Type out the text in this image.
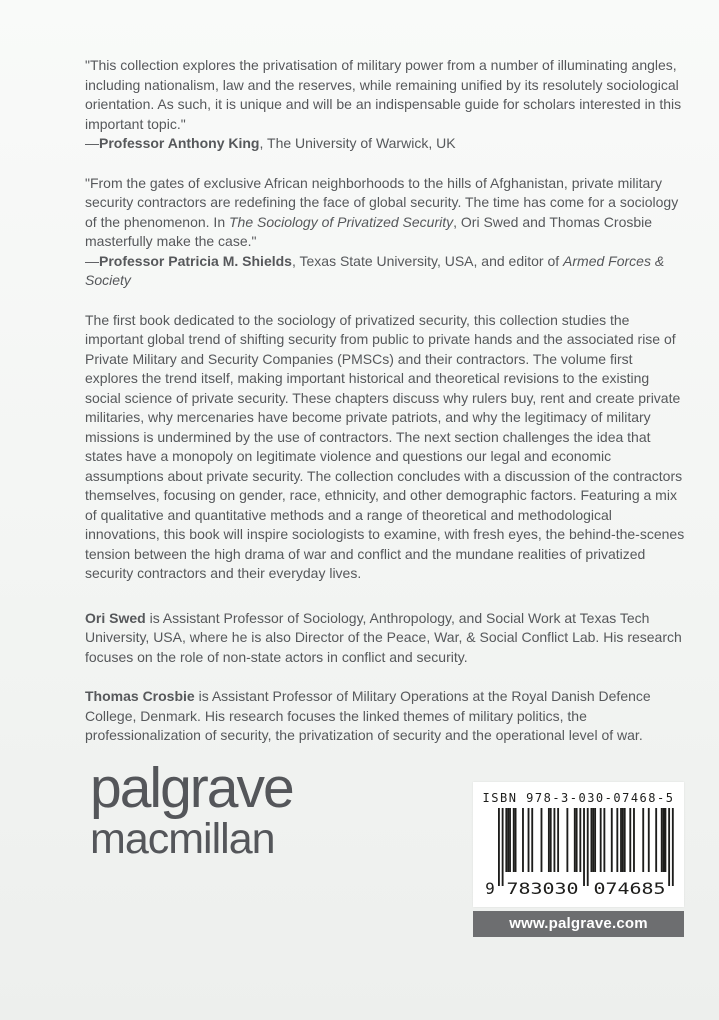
"This collection explores the privatisation of military power from a number of illuminating angles, including nationalism, law and the reserves, while remaining unified by its resolutely sociological orientation. As such, it is unique and will be an indispensable guide for scholars interested in this important topic."

—Professor Anthony King, The University of Warwick, UK

"From the gates of exclusive African neighborhoods to the hills of Afghanistan, private military security contractors are redefining the face of global security. The time has come for a sociology of the phenomenon. In The Sociology of Privatized Security, Ori Swed and Thomas Crosbie masterfully make the case."

—Professor Patricia M. Shields, Texas State University, USA, and editor of Armed Forces & Society

The first book dedicated to the sociology of privatized security, this collection studies the important global trend of shifting security from public to private hands and the associated rise of Private Military and Security Companies (PMSCs) and their contractors. The volume first explores the trend itself, making important historical and theoretical revisions to the existing social science of private security. These chapters discuss why rulers buy, rent and create private militaries, why mercenaries have become private patriots, and why the legitimacy of military missions is undermined by the use of contractors. The next section challenges the idea that states have a monopoly on legitimate violence and questions our legal and economic assumptions about private security. The collection concludes with a discussion of the contractors themselves, focusing on gender, race, ethnicity, and other demographic factors. Featuring a mix of qualitative and quantitative methods and a range of theoretical and methodological innovations, this book will inspire sociologists to examine, with fresh eyes, the behind-the-scenes tension between the high drama of war and conflict and the mundane realities of privatized security contractors and their everyday lives.

Ori Swed is Assistant Professor of Sociology, Anthropology, and Social Work at Texas Tech University, USA, where he is also Director of the Peace, War, & Social Conflict Lab. His research focuses on the role of non-state actors in conflict and security.

Thomas Crosbie is Assistant Professor of Military Operations at the Royal Danish Defence College, Denmark. His research focuses the linked themes of military politics, the professionalization of security, the privatization of security and the operational level of war.

palgrave
macmillan
ISBN 978-3-030-07468-5
9 783030 074685
www.palgrave.com
